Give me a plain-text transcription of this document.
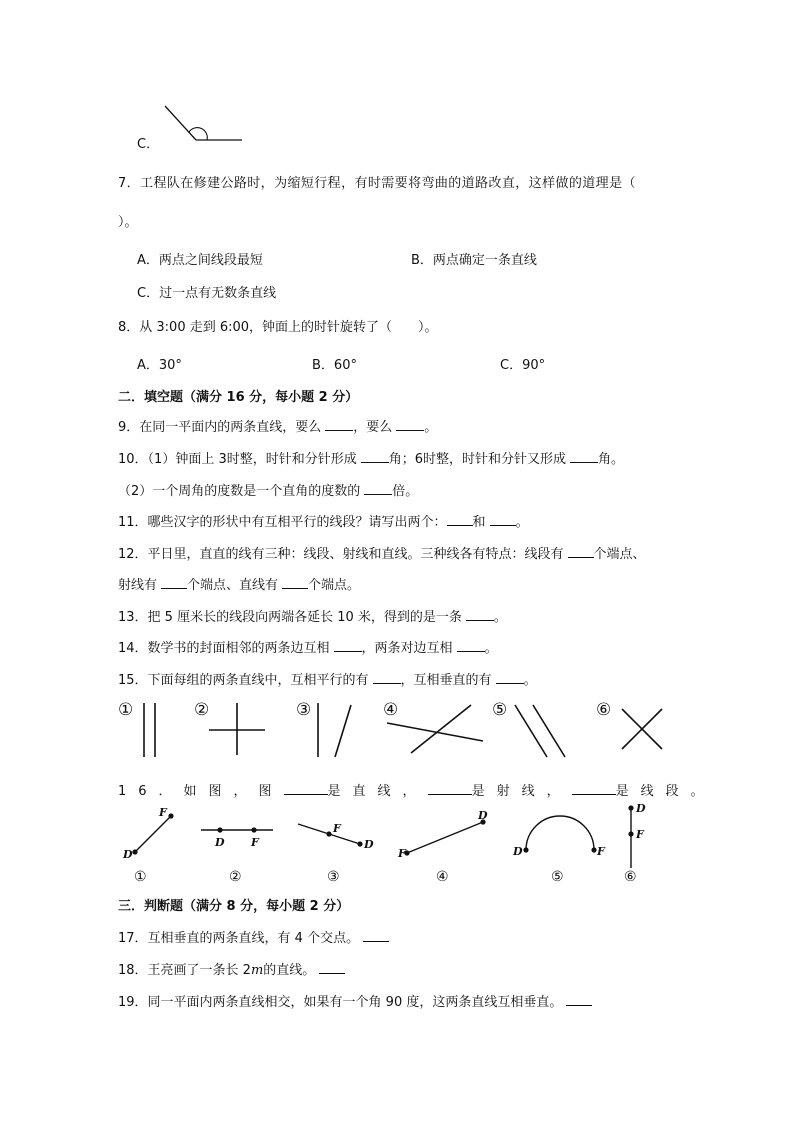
C．
7．工程队在修建公路时，为缩短行程，有时需要将弯曲的道路改直，这样做的道理是（
）。
A．两点之间线段最短	B．两点确定一条直线
C．过一点有无数条直线
8．从 3:00 走到 6:00，钟面上的时针旋转了（　　）。
A．30°	B．60°	C．90°
二．填空题（满分 16 分，每小题 2 分）
9．在同一平面内的两条直线，要么 ，要么 。
10．（1）钟面上 3时整，时针和分针形成 角；6时整，时针和分针又形成 角。
（2）一个周角的度数是一个直角的度数的 倍。
11．哪些汉字的形状中有互相平行的线段？请写出两个： 和 。
12．平日里，直直的线有三种：线段、射线和直线。三种线各有特点：线段有 个端点、
射线有 个端点、直线有 个端点。
13．把 5 厘米长的线段向两端各延长 10 米，得到的是一条 。
14．数学书的封面相邻的两条边互相 ，两条对边互相 。
15．下面每组的两条直线中，互相平行的有 ，互相垂直的有 。
①	②	③	④	⑤	⑥
16．如图，图	是直线，	是射线，	是线段。
D
F
①
D F
②
F
D
③
F
D
④
D	F
⑤
D
F
⑥
三．判断题（满分 8 分，每小题 2 分）
17．互相垂直的两条直线，有 4 个交点。
18．王亮画了一条长 2m的直线。
19．同一平面内两条直线相交，如果有一个角 90 度，这两条直线互相垂直。
